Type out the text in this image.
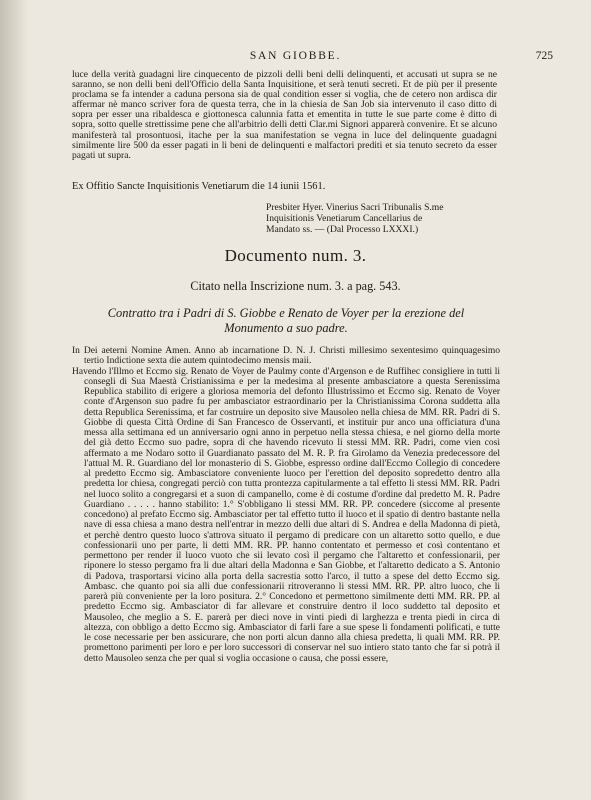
SAN GIOBBE.	725
luce della verità guadagni lire cinquecento de pizzoli delli beni delli delinquenti, et accusati ut supra se ne saranno, se non delli beni dell'Officio della Santa Inquisitione, et serà tenuti secreti. Et de più per il presente proclama se fa intender a caduna persona sia de qual condition esser si voglia, che de cetero non ardisca dir affermar nè manco scriver fora de questa terra, che in la chiesia de San Job sia intervenuto il caso ditto di sopra per esser una ribaldesca e giottonesca calunnia fatta et ementita in tutte le sue parte come è ditto di sopra, sotto quelle strettissime pene che all'arbitrio delli detti Clar.mi Signori apparerà convenire. Et se alcuno manifesterà tal prosontuosi, itache per la sua manifestation se vegna in luce del delinquente guadagni similmente lire 500 da esser pagati in li beni de delinquenti e malfactori prediti et sia tenuto secreto da esser pagati ut supra.
Ex Offitio Sancte Inquisitionis Venetiarum die 14 iunii 1561.
Presbiter Hyer. Vinerius Sacri Tribunalis S.me
Inquisitionis Venetiarum Cancellarius de
Mandato ss. — (Dal Processo LXXXI.)
Documento num. 3.
Citato nella Inscrizione num. 3. a pag. 543.
Contratto tra i Padri di S. Giobbe e Renato de Voyer per la erezione del Monumento a suo padre.

In Dei aeterni Nomine Amen. Anno ab incarnatione D. N. J. Christi millesimo sexentesimo quinquagesimo tertio Indictione sexta die autem quintodecimo mensis maii.

Havendo l'Illmo et Eccmo sig. Renato de Voyer de Paulmy conte d'Argenson e de Ruffihec consigliere in tutti li consegli di Sua Maestà Cristianissima e per la medesima al presente ambasciatore a questa Serenissima Republica stabilito di erigere a gloriosa memoria del defonto Illustrissimo et Eccmo sig. Renato de Voyer conte d'Argenson suo padre fu per ambasciator estraordinario per la Christianissima Corona suddetta alla detta Republica Serenissima, et far costruire un deposito sive Mausoleo nella chiesa de MM. RR. Padri di S. Giobbe di questa Città Ordine di San Francesco de Osservanti, et instituir pur anco una officiatura d'una messa alla settimana ed un anniversario ogni anno in perpetuo nella stessa chiesa, e nel giorno della morte del già detto Eccmo suo padre, sopra di che havendo ricevuto li stessi MM. RR. Padri, come vien così affermato a me Nodaro sotto il Guardianato passato del M. R. P. fra Girolamo da Venezia predecessore del l'attual M. R. Guardiano del lor monasterio di S. Giobbe, espresso ordine dall'Eccmo Collegio di concedere al predetto Eccmo sig. Ambasciatore conveniente luoco per l'erettion del deposito sopredetto dentro alla predetta lor chiesa, congregati perciò con tutta prontezza capitularmente a tal effetto li stessi MM. RR. Padri nel luoco solito a congregarsi et a suon di campanello, come è di costume d'ordine dal predetto M. R. Padre Guardiano . . . . . hanno stabilito: 1.° S'obbligano li stessi MM. RR. PP. concedere (siccome al presente concedono) al prefato Eccmo sig. Ambasciator per tal effetto tutto il luoco et il spatio di dentro bastante nella nave di essa chiesa a mano destra nell'entrar in mezzo delli due altari di S. Andrea e della Madonna di pietà, et perchè dentro questo luoco s'attrova situato il pergamo di predicare con un altaretto sotto quello, e due confessionarii uno per parte, li detti MM. RR. PP. hanno contentato et permesso et così contentano et permettono per render il luoco vuoto che sii levato così il pergamo che l'altaretto et confessionarii, per riponere lo stesso pergamo fra li due altari della Madonna e San Giobbe, et l'altaretto dedicato a S. Antonio di Padova, trasportarsi vicino alla porta della sacrestia sotto l'arco, il tutto a spese del detto Eccmo sig. Ambasc. che quanto poi sia alli due confessionarii ritroveranno li stessi MM. RR. PP. altro luoco, che li parerà più conveniente per la loro positura. 2.° Concedono et permettono similmente detti MM. RR. PP. al predetto Eccmo sig. Ambasciator di far allevare et construire dentro il loco suddetto tal deposito et Mausoleo, che meglio a S. E. parerà per dieci nove in vinti piedi di larghezza e trenta piedi in circa di altezza, con obbligo a detto Eccmo sig. Ambasciator di farli fare a sue spese li fondamenti polificati, e tutte le cose necessarie per ben assicurare, che non porti alcun danno alla chiesa predetta, li quali MM. RR. PP. promettono parimenti per loro e per loro successori di conservar nel suo intiero stato tanto che far si potrà il detto Mausoleo senza che per qual si voglia occasione o causa, che possi essere,
